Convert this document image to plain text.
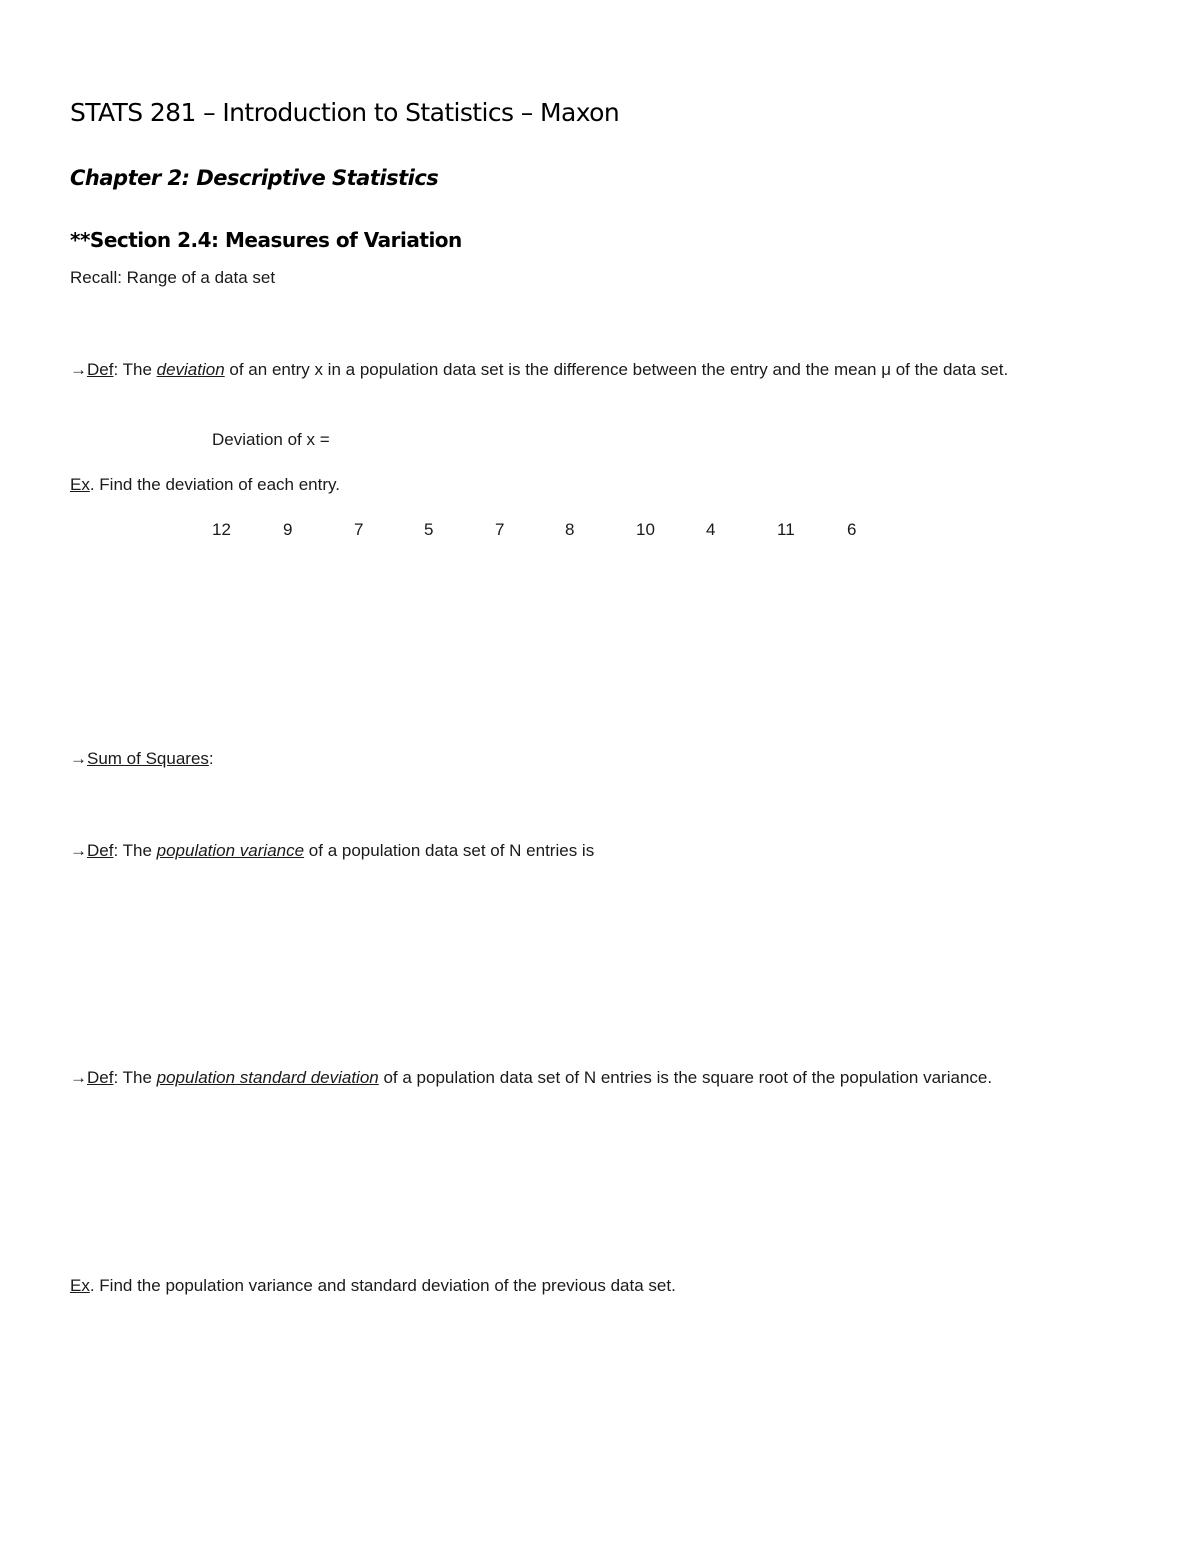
STATS 281 – Introduction to Statistics – Maxon
Chapter 2: Descriptive Statistics
**Section 2.4: Measures of Variation
Recall: Range of a data set
→Def: The deviation of an entry x in a population data set is the difference between the entry and the mean μ of the data set.
Deviation of x =
Ex. Find the deviation of each entry.
12	9	7	5	7	8	10	4	11	6
→Sum of Squares:
→Def: The population variance of a population data set of N entries is
→Def: The population standard deviation of a population data set of N entries is the square root of the population variance.
Ex. Find the population variance and standard deviation of the previous data set.
